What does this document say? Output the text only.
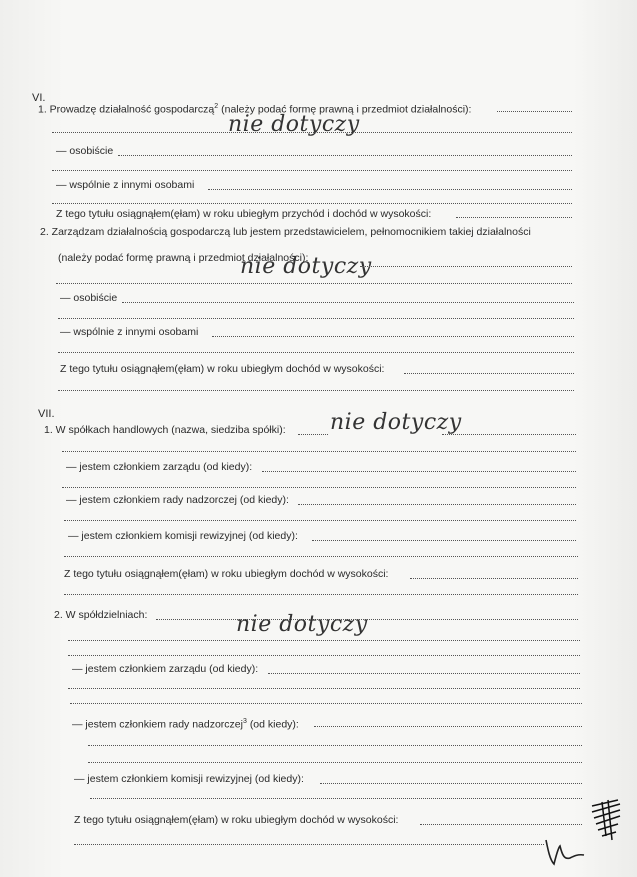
VI.
1. Prowadzę działalność gospodarczą$^2$ (należy podać formę prawną i przedmiot działalności):
nie dotyczy
— osobiście
— wspólnie z innymi osobami
Z tego tytułu osiągnąłem(ęłam) w roku ubiegłym przychód i dochód w wysokości:
2. Zarządzam działalnością gospodarczą lub jestem przedstawicielem, pełnomocnikiem takiej działalności
(należy podać formę prawną i przedmiot działalności):
nie dotyczy
— osobiście
— wspólnie z innymi osobami
Z tego tytułu osiągnąłem(ęłam) w roku ubiegłym dochód w wysokości:
VII.
1. W spółkach handlowych (nazwa, siedziba spółki): nie dotyczy
— jestem członkiem zarządu (od kiedy):
— jestem członkiem rady nadzorczej (od kiedy):
— jestem członkiem komisji rewizyjnej (od kiedy):
Z tego tytułu osiągnąłem(ęłam) w roku ubiegłym dochód w wysokości:
2. W spółdzielniach:	nie dotyczy
— jestem członkiem zarządu (od kiedy):
— jestem członkiem rady nadzorczej$^3$ (od kiedy):
— jestem członkiem komisji rewizyjnej (od kiedy):
Z tego tytułu osiągnąłem(ęłam) w roku ubiegłym dochód w wysokości:
